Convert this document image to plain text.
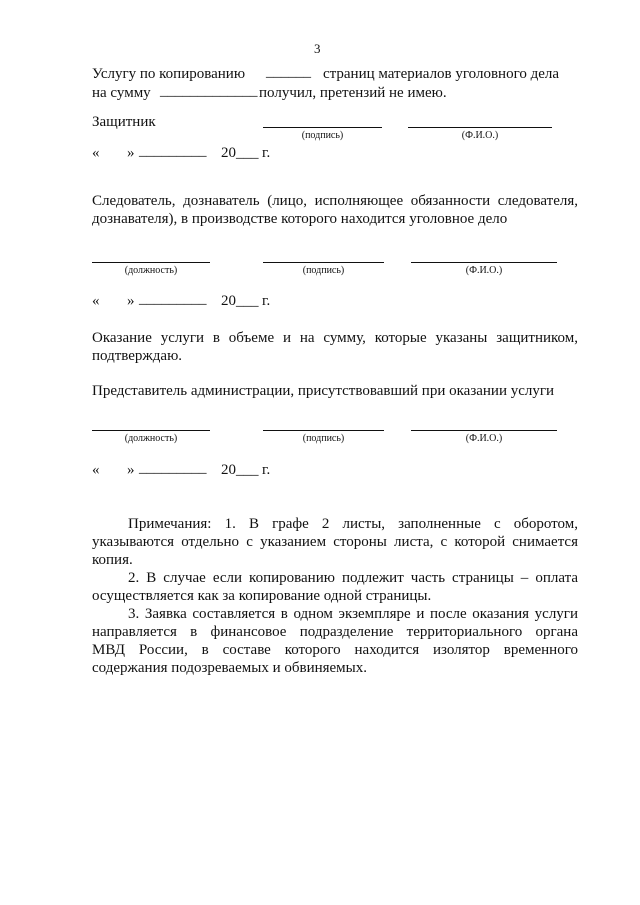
3
Услугу по копированию ______ страниц материалов уголовного дела
на сумму _____________ получил, претензий не имею.
Защитник
(подпись)	(Ф.И.О.)
« » _________ 20___ г.
Следователь, дознаватель (лицо, исполняющее обязанности следователя,
дознавателя), в производстве которого находится уголовное дело
(должность)	(подпись)	(Ф.И.О.)
« » _________ 20___ г.
Оказание услуги в объеме и на сумму, которые указаны защитником,
подтверждаю.
Представитель администрации, присутствовавший при оказании услуги
(должность)	(подпись)	(Ф.И.О.)
« » _________ 20___ г.
Примечания: 1. В графе 2 листы, заполненные с оборотом,
указываются отдельно с указанием стороны листа, с которой снимается
копия.
2. В случае если копированию подлежит часть страницы – оплата
осуществляется как за копирование одной страницы.
3. Заявка составляется в одном экземпляре и после оказания услуги
направляется в финансовое подразделение территориального органа
МВД России, в составе которого находится изолятор временного
содержания подозреваемых и обвиняемых.
